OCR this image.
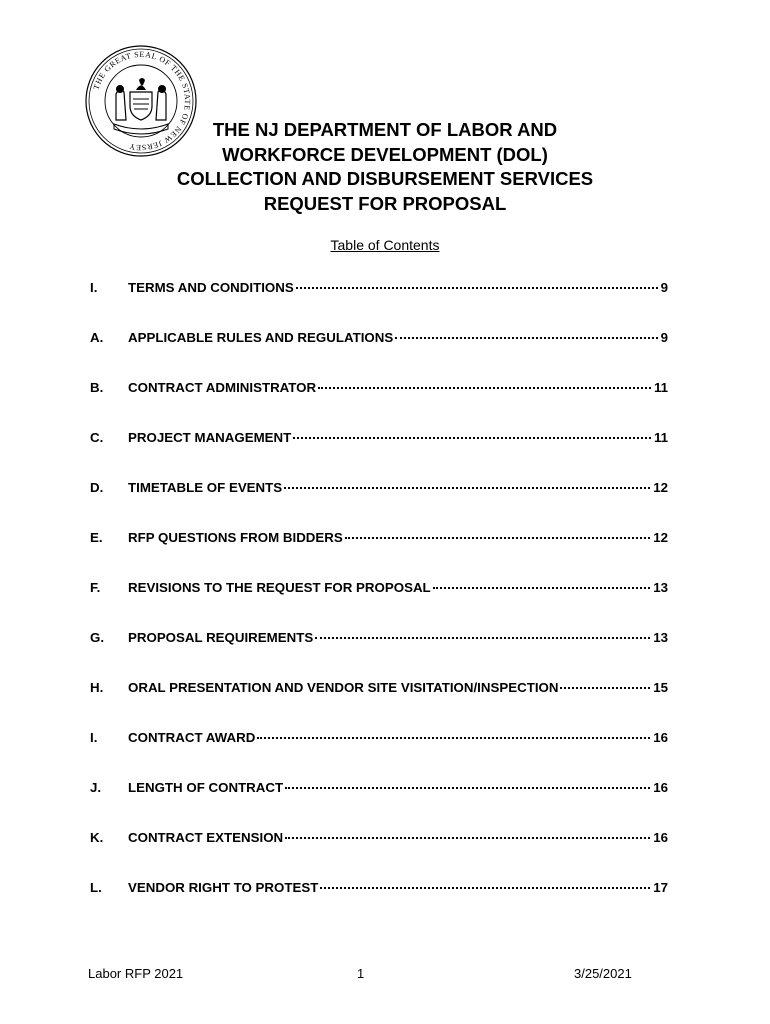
THE GREAT SEAL OF THE STATE OF NEW JERSEY
THE NJ DEPARTMENT OF LABOR AND
WORKFORCE DEVELOPMENT (DOL)
COLLECTION AND DISBURSEMENT SERVICES
REQUEST FOR PROPOSAL
Table of Contents
I.	TERMS AND CONDITIONS	9
A.	APPLICABLE RULES AND REGULATIONS	9
B.	CONTRACT ADMINISTRATOR	11
C.	PROJECT MANAGEMENT	11
D.	TIMETABLE OF EVENTS	12
E.	RFP QUESTIONS FROM BIDDERS	12
F.	REVISIONS TO THE REQUEST FOR PROPOSAL	13
G.	PROPOSAL REQUIREMENTS	13
H.	ORAL PRESENTATION AND VENDOR SITE VISITATION/INSPECTION	15
I.	CONTRACT AWARD	16
J.	LENGTH OF CONTRACT	16
K.	CONTRACT EXTENSION	16
L.	VENDOR RIGHT TO PROTEST	17
Labor RFP 2021	1	3/25/2021
